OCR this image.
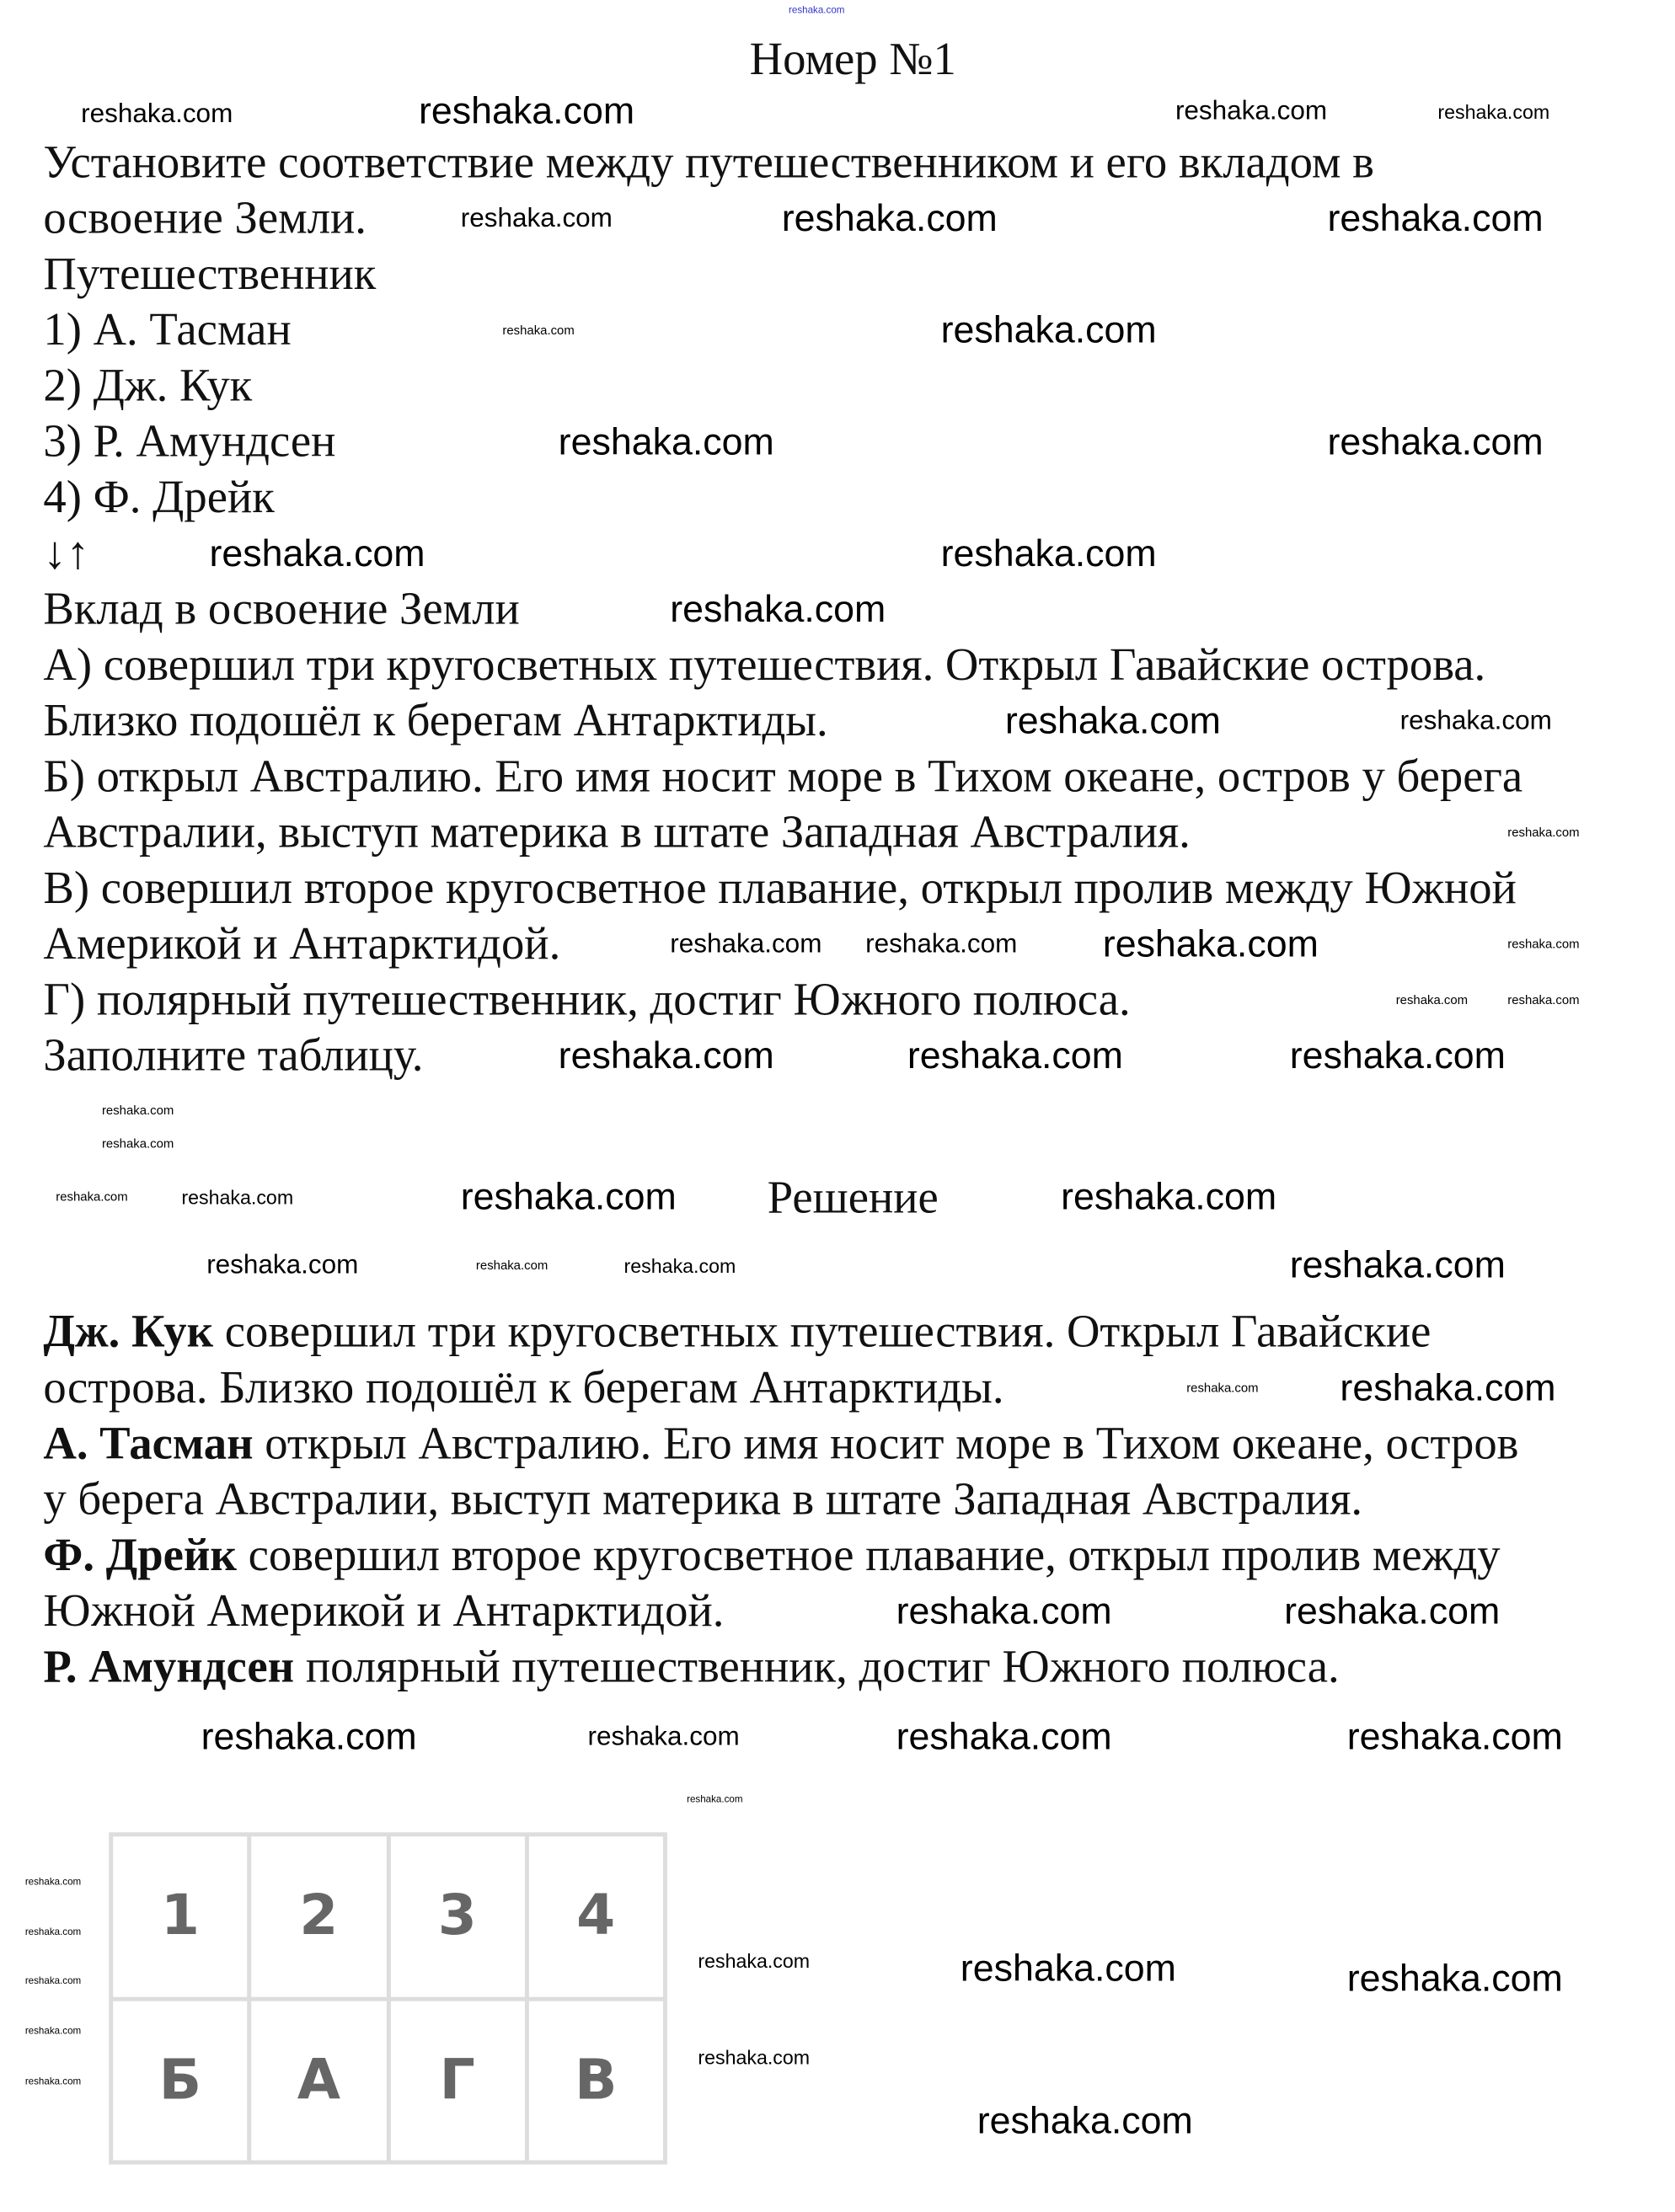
Номер №1
Установите соответствие между путешественником и его вкладом в
освоение Земли.
Путешественник
1) А. Тасман
2) Дж. Кук
3) Р. Амундсен
4) Ф. Дрейк
↓↑
Вклад в освоение Земли
А) совершил три кругосветных путешествия. Открыл Гавайские острова.
Близко подошёл к берегам Антарктиды.
Б) открыл Австралию. Его имя носит море в Тихом океане, остров у берега
Австралии, выступ материка в штате Западная Австралия.
В) совершил второе кругосветное плавание, открыл пролив между Южной
Америкой и Антарктидой.
Г) полярный путешественник, достиг Южного полюса.
Заполните таблицу.
Решение
Дж. Кук совершил три кругосветных путешествия. Открыл Гавайские
острова. Близко подошёл к берегам Антарктиды.
А. Тасман открыл Австралию. Его имя носит море в Тихом океане, остров
у берега Австралии, выступ материка в штате Западная Австралия.
Ф. Дрейк совершил второе кругосветное плавание, открыл пролив между
Южной Америкой и Антарктидой.
Р. Амундсен полярный путешественник, достиг Южного полюса.
1	2	3	4
Б	А	Г	В
reshaka.com
reshaka.com	reshaka.com	reshaka.com
reshaka.com
reshaka.com	reshaka.com	reshaka.com
reshaka.com
reshaka.com
reshaka.com	reshaka.com
reshaka.com
reshaka.com
reshaka.com
reshaka.com
reshaka.com
reshaka.com
reshaka.com	reshaka.com	reshaka.com	reshaka.com
reshaka.com	reshaka.com
reshaka.com	reshaka.com	reshaka.com
reshaka.com
reshaka.com
reshaka.com	reshaka.com	reshaka.com	reshaka.com
reshaka.com
reshaka.com	reshaka.com	reshaka.com
reshaka.com	reshaka.com
reshaka.com	reshaka.com
reshaka.com	reshaka.com	reshaka.com	reshaka.com
reshaka.com
reshaka.com
reshaka.com
reshaka.com
reshaka.com
reshaka.com
reshaka.com
reshaka.com	reshaka.com	reshaka.com
reshaka.com
